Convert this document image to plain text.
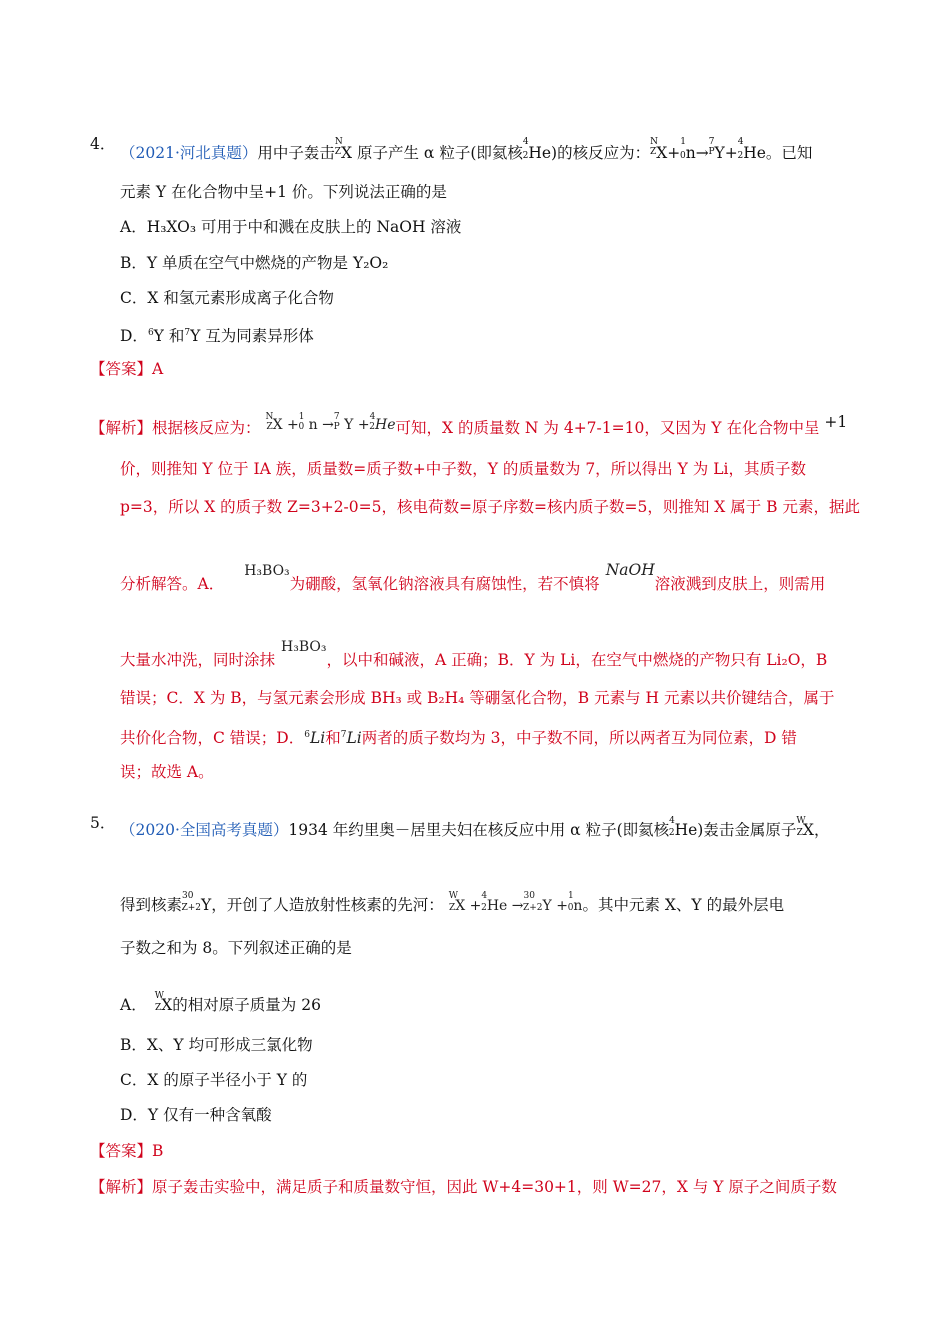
4． （2021·河北真题）用中子轰击$^{NZ}$X 原子产生 α 粒子(即氦核$^4$2He)的核反应为：$^{NZ}$X+$^1$0n→$^{7P}$Y+$^4$2He。已知
元素 Y 在化合物中呈+1 价。下列说法正确的是
A．H₃XO₃ 可用于中和溅在皮肤上的 NaOH 溶液
B．Y 单质在空气中燃烧的产物是 Y₂O₂
C．X 和氢元素形成离子化合物
D．$^6$Y 和$^7$Y 互为同素异形体
【答案】A
【解析】根据核反应为： $^N$ZX +$^1$0 n →$^7$P Y +$^4$2He可知，X 的质量数 N 为 4+7-1=10，又因为 Y 在化合物中呈 +1
价，则推知 Y 位于 IA 族，质量数=质子数+中子数，Y 的质量数为 7，所以得出 Y 为 Li，其质子数
p=3，所以 X 的质子数 Z=3+2-0=5，核电荷数=原子序数=核内质子数=5，则推知 X 属于 B 元素，据此
分析解答。A．H₃BO₃为硼酸，氢氧化钠溶液具有腐蚀性，若不慎将NaOH溶液溅到皮肤上，则需用
大量水冲洗，同时涂抹H₃BO₃，以中和碱液，A 正确；B．Y 为 Li，在空气中燃烧的产物只有 Li₂O，B
错误；C．X 为 B，与氢元素会形成 BH₃ 或 B₂H₄ 等硼氢化合物，B 元素与 H 元素以共价键结合，属于
共价化合物，C 错误；D．$^6$Li和$^7$Li两者的质子数均为 3，中子数不同，所以两者互为同位素，D 错
误；故选 A。
5． （2020·全国高考真题）1934 年约里奥－居里夫妇在核反应中用 α 粒子(即氦核$^4$2He)轰击金属原子$^W$ZX，
得到核素$^{30}$Z+2Y，开创了人造放射性核素的先河： $^W$ZX +$^4$2He →$^{30}$Z+2Y +$^1$0n。其中元素 X、Y 的最外层电
子数之和为 8。下列叙述正确的是
A． $^W$ZX的相对原子质量为 26
B．X、Y 均可形成三氯化物
C．X 的原子半径小于 Y 的
D．Y 仅有一种含氧酸
【答案】B
【解析】原子轰击实验中，满足质子和质量数守恒，因此 W+4=30+1，则 W=27，X 与 Y 原子之间质子数
